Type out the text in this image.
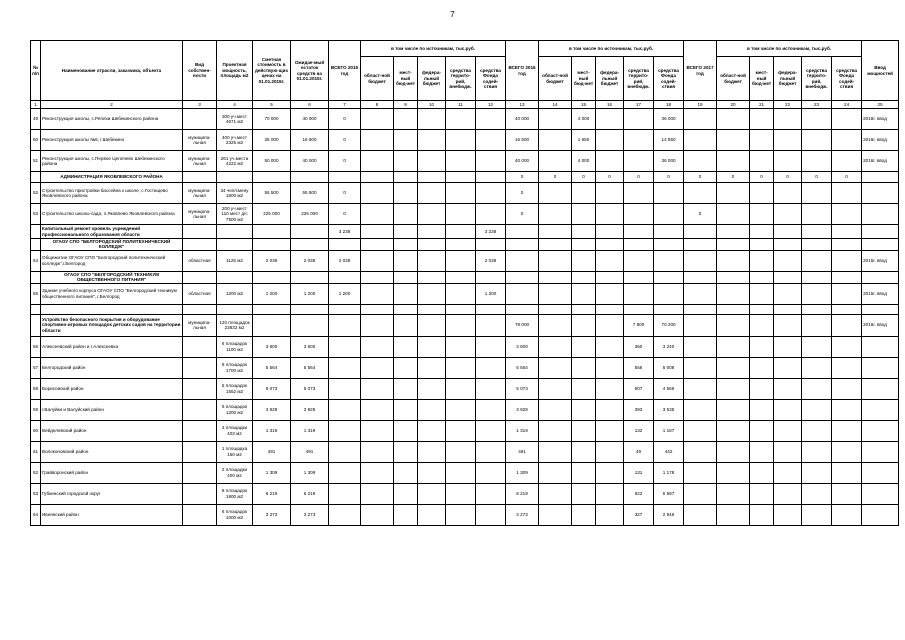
7
№ п/п	Наименование отрасли, заказчика, объекта	Вид собствен-ности	Проектная мощность, площадь м2	Сметная стоимость в действую-щих ценах на 01.01.2015г.	Ожидае-мый остаток средств на 01.01.2015г.	ВСЕГО 2015 год	в том числе по источникам, тыс.руб.					ВСЕГО 2016 год	в том числе по источникам, тыс.руб.					ВСЕГО 2017 год	в том числе по источникам, тыс.руб.					Ввод мощностей
							област-ной бюджет	мест-ный бюд-жет	федера-льный бюджет	средства террито-рий, внебюдж.	средства Фонда содей-ствия		област-ной бюджет	мест-ный бюд-жет	федера-льный бюджет	средства террито-рий, внебюдж.	средства Фонда содей-ствия		област-ной бюджет	мест-ный бюд-жет	федера-льный бюджет	средства террито-рий, внебюдж.	средства Фонда содей-ствия	
1	2	3	4	5	6	7	8	9	10	11	12	13	14	15	16	17	18	19	20	21	22	23	24	25
49	Реконструкция школы, с.Репяхи Шебекинского района		300 уч.мест 4671 м2	70 000	40 000	0						40 000		4 000			36 000							2016г. ввод
50	Реконструкция школы №6, г.Шебекино	муниципа-льная	400 уч.мест 2325 м2	35 000	16 500	0						16 500		1 650			14 850							2016г. ввод
51	Реконструкция школы, с.Первое Цепляево Шебекинского района	муниципа-льная	261 уч.места 4222 м2	50 000	40 000	0						40 000		4 000			36 000							2016г. ввод
	АДМИНИСТРАЦИЯ ЯКОВЛЕВСКОГО РАЙОНА											0	0	0	0	0	0	0	0	0	0	0	0	
52	Строительство пристройки бассейна к школе, с.Гостищево Яковлевского района	муниципа-льная	34 чел/смену 1600 м2	55 500	55 500	0						0												
53	Строительство школы-сада, п.Яковлево Яковлевского района	муниципа-льная	200 уч.мест 110 мест д/с 7500 м2	225 000	225 000	0						0						0						
	Капитальный ремонт кровель учреждений профессионального образования области					3 238					3 238													
	ОГАОУ СПО "БЕЛГОРОДСКИЙ ПОЛИТЕХНИЧЕСКИЙ КОЛЛЕДЖ"																							
54	Общежитие ОГАОУ СПО "Белгородский политехнический колледж",г.Белгород	областная	1125 м2	2 038	2 038	2 038					2 038													2015г. ввод
	ОГАОУ СПО "БЕЛГОРОДСКИЙ ТЕХНИКУМ ОБЩЕСТВЕННОГО ПИТАНИЯ"																							
55	Здание учебного корпуса ОГАОУ СПО "Белгородский техникум общественного питания", г.Белгород	областная	1200 м2	1 200	1 200	1 200					1 200													2015г. ввод

	Устройство безопасного покрытия и оборудование спортивно-игровых площадок детских садов на территории области	муниципа-льная	120 площадок 23632 м2									78 000				7 800	70 200							2016г. ввод
56	Алексеевский район и г.Алексеевка		6 площадок 1100 м2	3 600	3 600							3 600				360	3 240							
57	Белгородский район		8 площадок 1700 м2	5 564	5 564							5 564				556	5 008							
58	Борисовский район		6 площадок 1552 м2	5 073	5 073							5 073				507	4 566							
59	г.Валуйки и Валуйский район		6 площадок 1200 м2	3 928	3 928							3 928				393	3 535							
60	Вейделевский район		3 площадки 403 м2	1 319	1 319							1 319				132	1 187							
61	Волоконовский район		1 площадка 150 м2	491	491							491				49	442							
62	Грайворонский район		2 площадки 400 м2	1 309	1 309							1 309				131	1 178							
63	Губкинский городской округ		8 площадок 1900 м2	6 219	6 219							6 219				622	5 597							
64	Ивнянский район		6 площадок 1000 м2	3 273	3 273							3 273				327	2 946							
